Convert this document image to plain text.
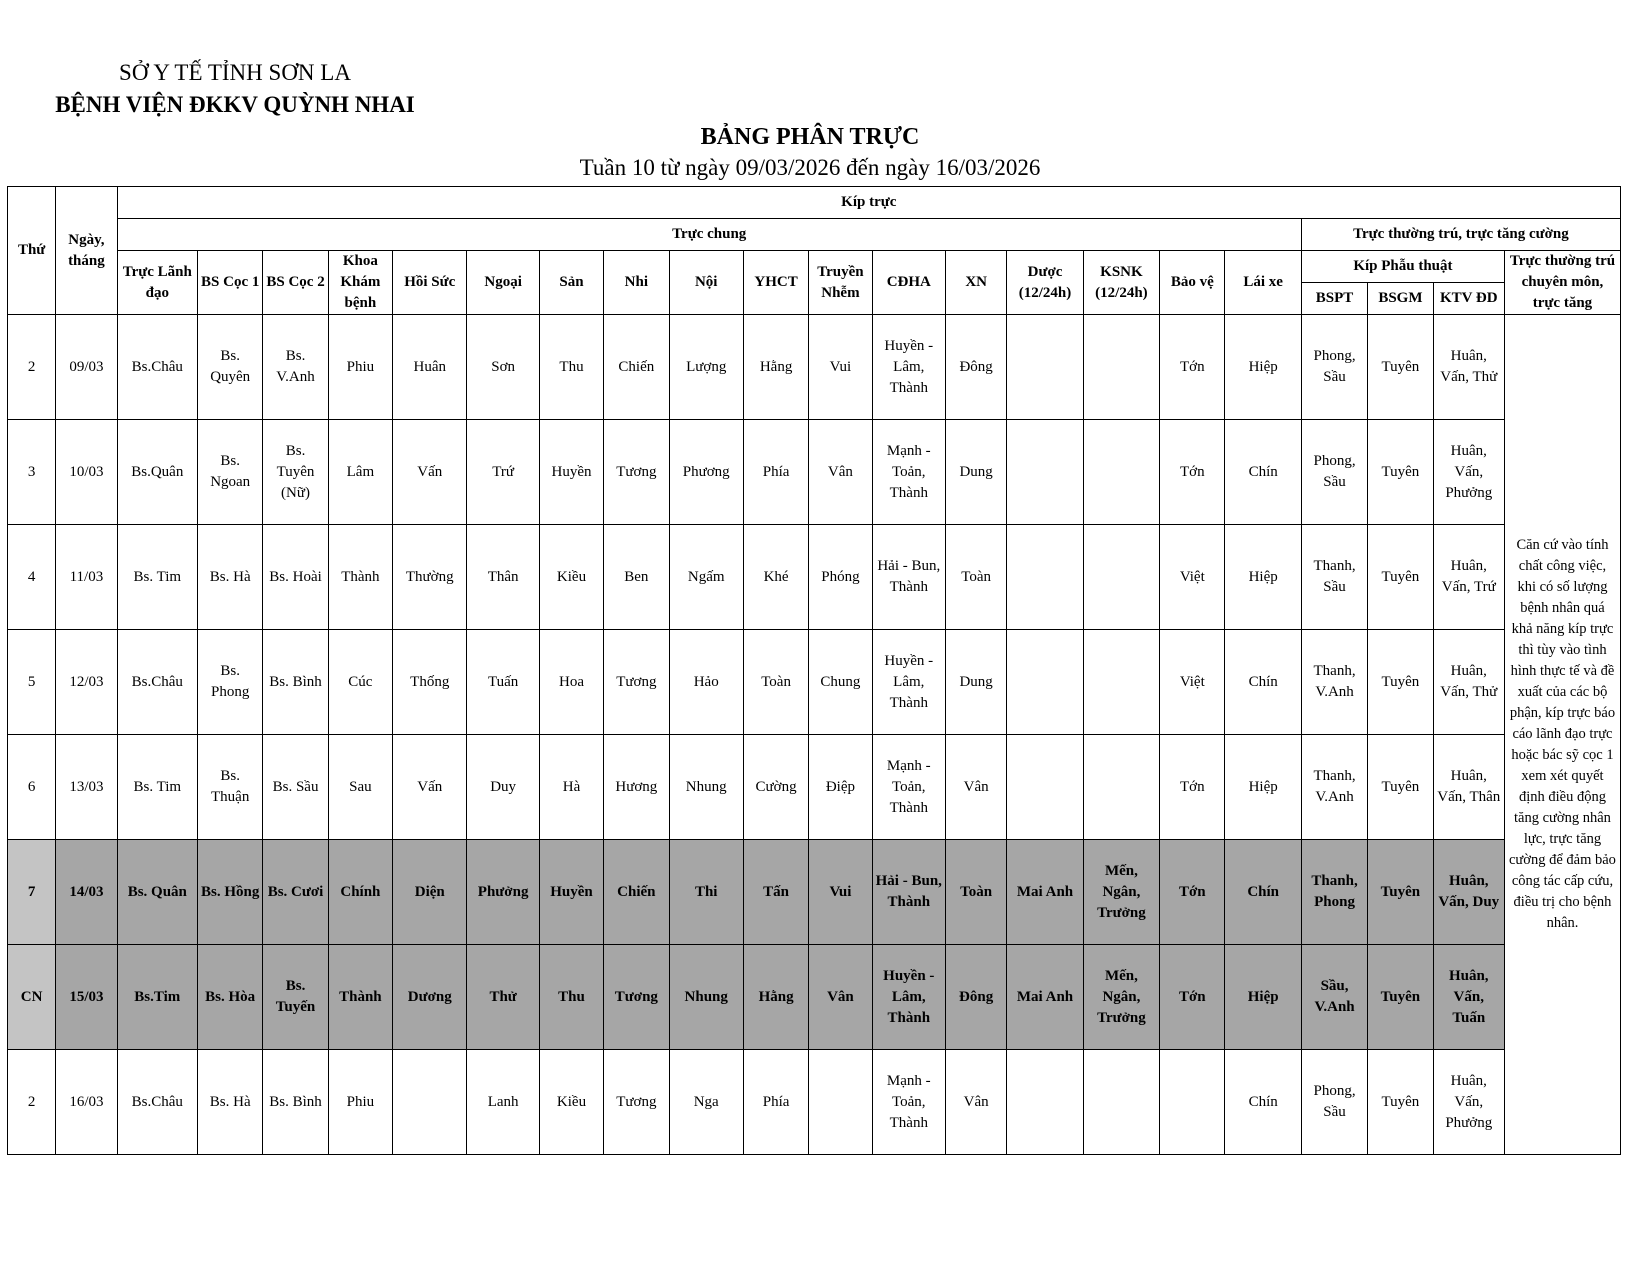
SỞ Y TẾ TỈNH SƠN LA
BỆNH VIỆN ĐKKV QUỲNH NHAI
BẢNG PHÂN TRỰC
Tuần 10 từ ngày 09/03/2026 đến ngày 16/03/2026
Thứ	Ngày, tháng	Kíp trực																				
		Trực chung																	Trực thường trú, trực tăng cường			
		Trực Lãnh đạo	BS Cọc 1	BS Cọc 2	Khoa Khám bệnh	Hồi Sức	Ngoại	Sản	Nhi	Nội	YHCT	Truyền Nhễm	CĐHA	XN	Dược (12/24h)	KSNK (12/24h)	Bảo vệ	Lái xe	Kíp Phẫu thuật			Trực thường trú chuyên môn, trực tăng
																			BSPT	BSGM	KTV ĐD	
2	09/03	Bs.Châu	Bs. Quyên	Bs. V.Anh	Phiu	Huân	Sơn	Thu	Chiến	Lượng	Hằng	Vui	Huyền - Lâm, Thành	Đông			Tớn	Hiệp	Phong, Sầu	Tuyên	Huân, Vấn, Thử	Căn cứ vào tính chất công việc, khi có số lượng bệnh nhân quá khả năng kíp trực thì tùy vào tình hình thực tế và đề xuất của các bộ phận, kíp trực báo cáo lãnh đạo trực hoặc bác sỹ cọc 1 xem xét quyết định điều động tăng cường nhân lực, trực tăng cường để đảm bảo công tác cấp cứu, điều trị cho bệnh nhân.
3	10/03	Bs.Quân	Bs. Ngoan	Bs. Tuyên (Nữ)	Lâm	Vấn	Trứ	Huyền	Tương	Phương	Phía	Vân	Mạnh - Toản, Thành	Dung			Tớn	Chín	Phong, Sầu	Tuyên	Huân, Vấn, Phưởng	
4	11/03	Bs. Tim	Bs. Hà	Bs. Hoài	Thành	Thường	Thân	Kiều	Ben	Ngấm	Khé	Phóng	Hải - Bun, Thành	Toàn			Việt	Hiệp	Thanh, Sầu	Tuyên	Huân, Vấn, Trứ	
5	12/03	Bs.Châu	Bs. Phong	Bs. Bình	Cúc	Thống	Tuấn	Hoa	Tương	Hảo	Toàn	Chung	Huyền - Lâm, Thành	Dung			Việt	Chín	Thanh, V.Anh	Tuyên	Huân, Vấn, Thử	
6	13/03	Bs. Tim	Bs. Thuận	Bs. Sầu	Sau	Vấn	Duy	Hà	Hương	Nhung	Cường	Điệp	Mạnh - Toản, Thành	Vân			Tớn	Hiệp	Thanh, V.Anh	Tuyên	Huân, Vấn, Thân	
7	14/03	Bs. Quân	Bs. Hồng	Bs. Cươi	Chính	Diện	Phưởng	Huyền	Chiến	Thi	Tấn	Vui	Hải - Bun, Thành	Toàn	Mai Anh	Mến, Ngân, Trưởng	Tớn	Chín	Thanh, Phong	Tuyên	Huân, Vấn, Duy	
CN	15/03	Bs.Tim	Bs. Hòa	Bs. Tuyến	Thành	Dương	Thử	Thu	Tương	Nhung	Hằng	Vân	Huyền - Lâm, Thành	Đông	Mai Anh	Mến, Ngân, Trưởng	Tớn	Hiệp	Sầu, V.Anh	Tuyên	Huân, Vấn, Tuấn	
2	16/03	Bs.Châu	Bs. Hà	Bs. Bình	Phiu		Lanh	Kiều	Tương	Nga	Phía		Mạnh - Toản, Thành	Vân				Chín	Phong, Sầu	Tuyên	Huân, Vấn, Phưởng	
